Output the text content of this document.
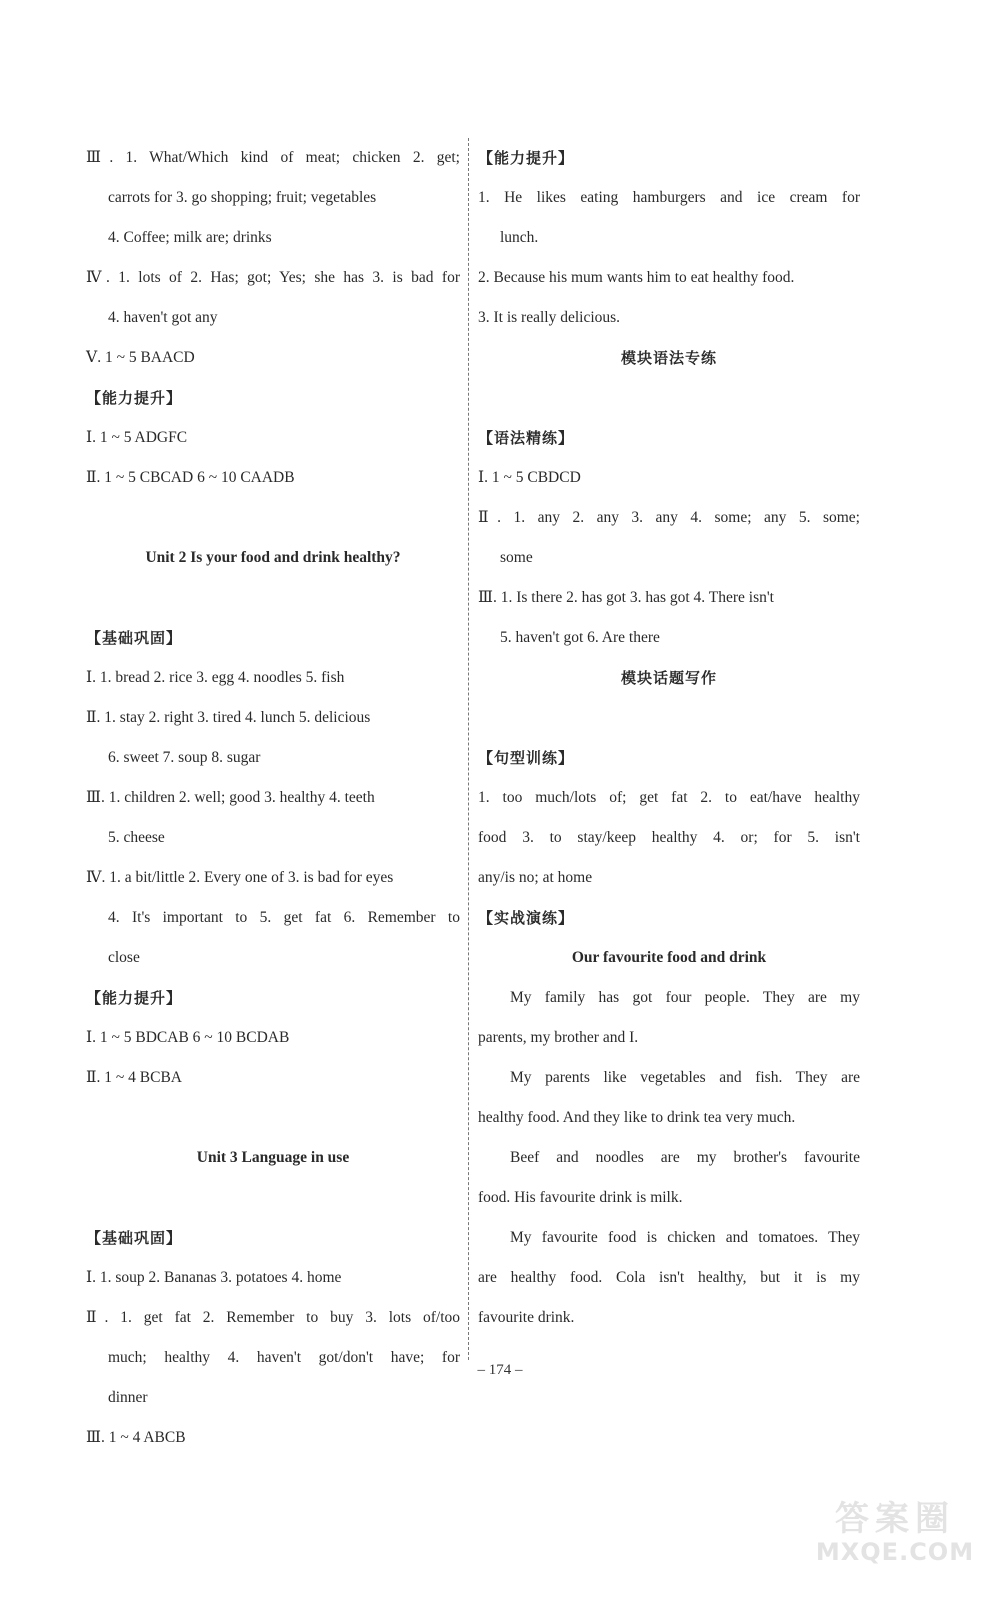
Ⅲ. 1. What/Which kind of meat; chicken 2. get;
carrots for 3. go shopping; fruit; vegetables
4. Coffee; milk are; drinks
Ⅳ. 1. lots of 2. Has; got; Yes; she has 3. is bad for
4. haven't got any
Ⅴ. 1 ~ 5 BAACD
【能力提升】
Ⅰ. 1 ~ 5 ADGFC
Ⅱ. 1 ~ 5 CBCAD 6 ~ 10 CAADB
Unit 2 Is your food and drink healthy?
【基础巩固】
Ⅰ. 1. bread 2. rice 3. egg 4. noodles 5. fish
Ⅱ. 1. stay 2. right 3. tired 4. lunch 5. delicious
6. sweet 7. soup 8. sugar
Ⅲ. 1. children 2. well; good 3. healthy 4. teeth
5. cheese
Ⅳ. 1. a bit/little 2. Every one of 3. is bad for eyes
4. It's important to 5. get fat 6. Remember to
close
【能力提升】
Ⅰ. 1 ~ 5 BDCAB 6 ~ 10 BCDAB
Ⅱ. 1 ~ 4 BCBA
Unit 3 Language in use
【基础巩固】
Ⅰ. 1. soup 2. Bananas 3. potatoes 4. home
Ⅱ. 1. get fat 2. Remember to buy 3. lots of/too
much; healthy 4. haven't got/don't have; for
dinner
Ⅲ. 1 ~ 4 ABCB
【能力提升】
1. He likes eating hamburgers and ice cream for
lunch.
2. Because his mum wants him to eat healthy food.
3. It is really delicious.
模块语法专练
【语法精练】
Ⅰ. 1 ~ 5 CBDCD
Ⅱ. 1. any 2. any 3. any 4. some; any 5. some;
some
Ⅲ. 1. Is there 2. has got 3. has got 4. There isn't
5. haven't got 6. Are there
模块话题写作
【句型训练】
1. too much/lots of; get fat 2. to eat/have healthy
food 3. to stay/keep healthy 4. or; for 5. isn't
any/is no; at home
【实战演练】
Our favourite food and drink
My family has got four people. They are my
parents, my brother and I.
My parents like vegetables and fish. They are
healthy food. And they like to drink tea very much.
Beef and noodles are my brother's favourite
food. His favourite drink is milk.
My favourite food is chicken and tomatoes. They
are healthy food. Cola isn't healthy, but it is my
favourite drink.
– 174 –
答案圈
MXQE.COM
